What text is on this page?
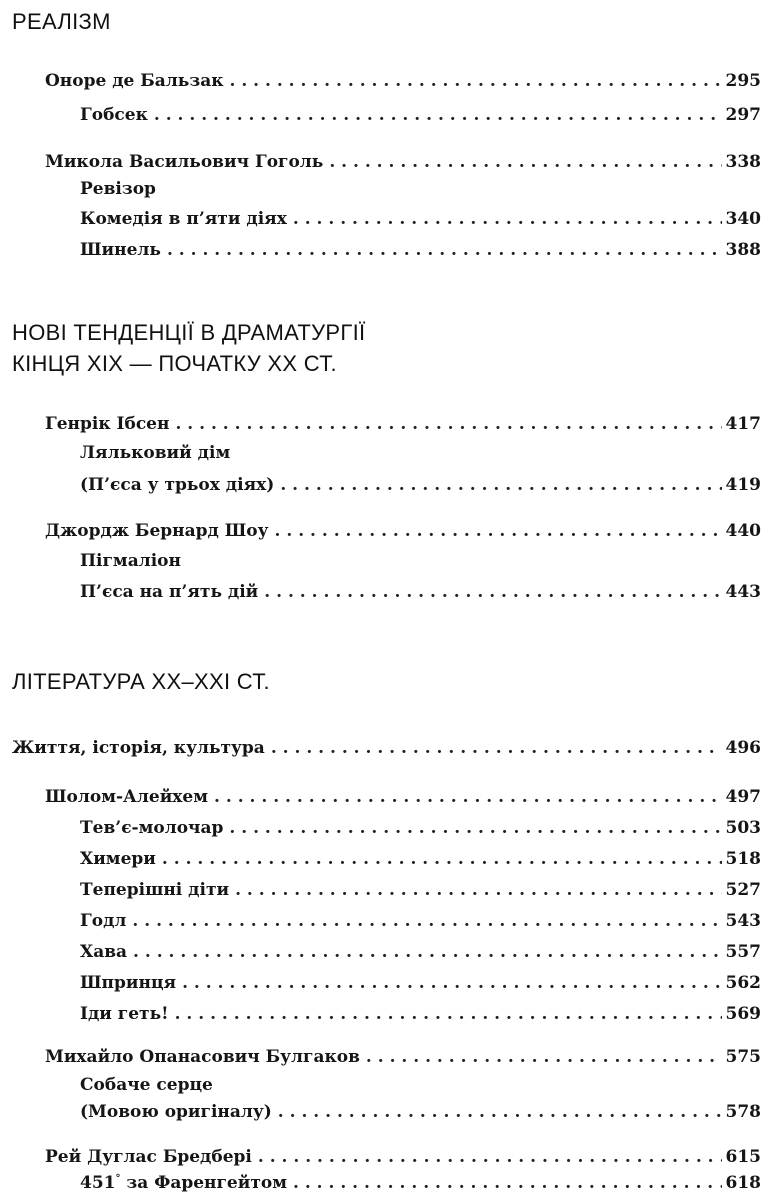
РЕАЛІЗМ
Оноре де Бальзак . . .	295
Гобсек . . .	297
Микола Васильович Гоголь . . .	338
Ревізор
Комедія в п’яти діях . . .	340
Шинель . . .	388
НОВІ ТЕНДЕНЦІЇ В ДРАМАТУРГІЇ
КІНЦЯ XIX — ПОЧАТКУ XX СТ.
Генрік Ібсен . . .	417
Ляльковий дім
(П’єса у трьох діях) . . .	419
Джордж Бернард Шоу . . .	440
Пігмаліон
П’єса на п’ять дій . . .	443
ЛІТЕРАТУРА XX–XXI СТ.
Життя, історія, культура . . .	496
Шолом-Алейхем . . .	497
Тев’є-молочар . . .	503
Химери . . .	518
Теперішні діти . . .	527
Годл . . .	543
Хава . . .	557
Шпринця . . .	562
Іди геть! . . .	569
Михайло Опанасович Булгаков . . .	575
Собаче серце
(Мовою оригіналу) . . .	578
Рей Дуглас Бредбері . . .	615
451° за Фаренгейтом . . .	618
